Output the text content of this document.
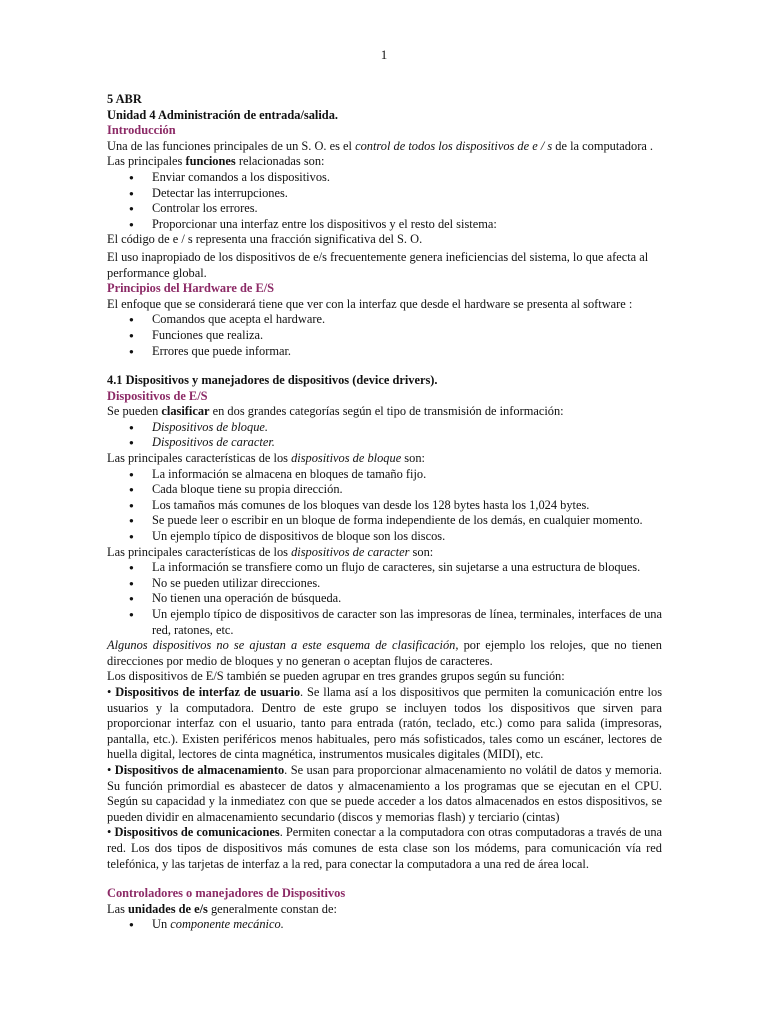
1

5 ABR

Unidad 4 Administración de entrada/salida.

Introducción

Una de las funciones principales de un S. O. es el control de todos los dispositivos de e / s de la computadora .

Las principales funciones relacionadas son:

● Enviar comandos a los dispositivos.
● Detectar las interrupciones.
● Controlar los errores.
● Proporcionar una interfaz entre los dispositivos y el resto del sistema:

El código de e / s representa una fracción significativa del S. O.

El uso inapropiado de los dispositivos de e/s frecuentemente genera ineficiencias del sistema, lo que afecta al performance global.

Principios del Hardware de E/S

El enfoque que se considerará tiene que ver con la interfaz que desde el hardware se presenta al software :

● Comandos que acepta el hardware.
● Funciones que realiza.
● Errores que puede informar.

4.1 Dispositivos y manejadores de dispositivos (device drivers).

Dispositivos de E/S

Se pueden clasificar en dos grandes categorías según el tipo de transmisión de información:

● Dispositivos de bloque.
● Dispositivos de caracter.

Las principales características de los dispositivos de bloque son:

● La información se almacena en bloques de tamaño fijo.
● Cada bloque tiene su propia dirección.
● Los tamaños más comunes de los bloques van desde los 128 bytes hasta los 1,024 bytes.
● Se puede leer o escribir en un bloque de forma independiente de los demás, en cualquier momento.
● Un ejemplo típico de dispositivos de bloque son los discos.

Las principales características de los dispositivos de caracter son:

● La información se transfiere como un flujo de caracteres, sin sujetarse a una estructura de bloques.
● No se pueden utilizar direcciones.
● No tienen una operación de búsqueda.
● Un ejemplo típico de dispositivos de caracter son las impresoras de línea, terminales, interfaces de una red, ratones, etc.

Algunos dispositivos no se ajustan a este esquema de clasificación, por ejemplo los relojes, que no tienen direcciones por medio de bloques y no generan o aceptan flujos de caracteres.

Los dispositivos de E/S también se pueden agrupar en tres grandes grupos según su función:

• Dispositivos de interfaz de usuario. Se llama así a los dispositivos que permiten la comunicación entre los usuarios y la computadora. Dentro de este grupo se incluyen todos los dispositivos que sirven para proporcionar interfaz con el usuario, tanto para entrada (ratón, teclado, etc.) como para salida (impresoras, pantalla, etc.). Existen periféricos menos habituales, pero más sofisticados, tales como un escáner, lectores de huella digital, lectores de cinta magnética, instrumentos musicales digitales (MIDI), etc.

• Dispositivos de almacenamiento. Se usan para proporcionar almacenamiento no volátil de datos y memoria. Su función primordial es abastecer de datos y almacenamiento a los programas que se ejecutan en el CPU. Según su capacidad y la inmediatez con que se puede acceder a los datos almacenados en estos dispositivos, se pueden dividir en almacenamiento secundario (discos y memorias flash) y terciario (cintas)

• Dispositivos de comunicaciones. Permiten conectar a la computadora con otras computadoras a través de una red. Los dos tipos de dispositivos más comunes de esta clase son los módems, para comunicación vía red telefónica, y las tarjetas de interfaz a la red, para conectar la computadora a una red de área local.

Controladores o manejadores de Dispositivos

Las unidades de e/s generalmente constan de:

● Un componente mecánico.
